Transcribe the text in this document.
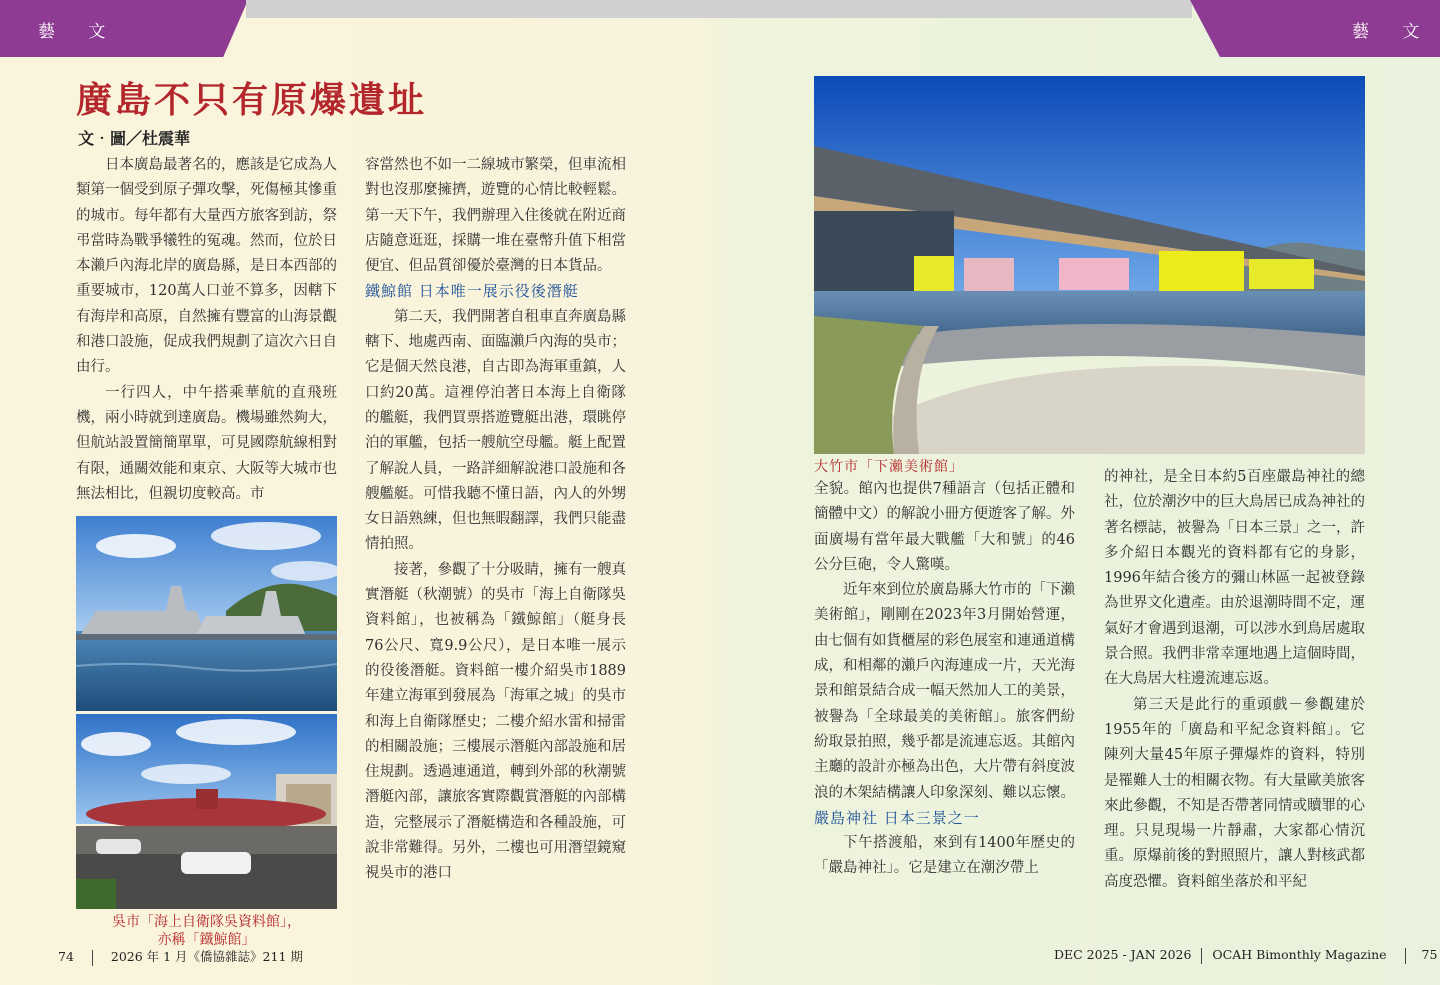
藝 文	藝 文
廣島不只有原爆遺址
文‧圖／杜震華

日本廣島最著名的，應該是它成為人類第一個受到原子彈攻擊，死傷極其慘重的城市。每年都有大量西方旅客到訪，祭弔當時為戰爭犧牲的冤魂。然而，位於日本瀨戶內海北岸的廣島縣，是日本西部的重要城市，120萬人口並不算多，因轄下有海岸和高原，自然擁有豐富的山海景觀和港口設施，促成我們規劃了這次六日自由行。

一行四人，中午搭乘華航的直飛班機，兩小時就到達廣島。機場雖然夠大，但航站設置簡簡單單，可見國際航線相對有限，通關效能和東京、大阪等大城市也無法相比，但親切度較高。市

吳市「海上自衛隊吳資料館」，
亦稱「鐵鯨館」

容當然也不如一二線城市繁榮，但車流相對也沒那麼擁擠，遊覽的心情比較輕鬆。第一天下午，我們辦理入住後就在附近商店隨意逛逛，採購一堆在臺幣升值下相當便宜、但品質卻優於臺灣的日本貨品。

鐵鯨館 日本唯一展示役後潛艇

第二天，我們開著自租車直奔廣島縣轄下、地處西南、面臨瀨戶內海的吳市；它是個天然良港，自古即為海軍重鎮，人口約20萬。這裡停泊著日本海上自衛隊的艦艇，我們買票搭遊覽艇出港，環眺停泊的軍艦，包括一艘航空母艦。艇上配置了解說人員，一路詳細解說港口設施和各艘艦艇。可惜我聽不懂日語，內人的外甥女日語熟練，但也無暇翻譯，我們只能盡情拍照。

接著，參觀了十分吸睛，擁有一艘真實潛艇（秋潮號）的吳市「海上自衛隊吳資料館」，也被稱為「鐵鯨館」（艇身長76公尺、寬9.9公尺），是日本唯一展示的役後潛艇。資料館一樓介紹吳市1889年建立海軍到發展為「海軍之城」的吳市和海上自衛隊歷史；二樓介紹水雷和掃雷的相關設施；三樓展示潛艇內部設施和居住規劃。透過連通道，轉到外部的秋潮號潛艇內部，讓旅客實際觀賞潛艇的內部構造，完整展示了潛艇構造和各種設施，可說非常難得。另外，二樓也可用潛望鏡窺視吳市的港口

大竹市「下瀨美術館」

全貌。館內也提供7種語言（包括正體和簡體中文）的解說小冊方便遊客了解。外面廣場有當年最大戰艦「大和號」的46公分巨砲，令人驚嘆。

近年來到位於廣島縣大竹市的「下瀨美術館」，剛剛在2023年3月開始營運，由七個有如貨櫃屋的彩色展室和連通道構成，和相鄰的瀨戶內海連成一片，天光海景和館景結合成一幅天然加人工的美景，被譽為「全球最美的美術館」。旅客們紛紛取景拍照，幾乎都是流連忘返。其館內主廳的設計亦極為出色，大片帶有斜度波浪的木架結構讓人印象深刻、難以忘懷。

嚴島神社 日本三景之一

下午搭渡船，來到有1400年歷史的「嚴島神社」。它是建立在潮汐帶上

的神社，是全日本約5百座嚴島神社的總社，位於潮汐中的巨大鳥居已成為神社的著名標誌，被譽為「日本三景」之一，許多介紹日本觀光的資料都有它的身影，1996年結合後方的彌山林區一起被登錄為世界文化遺產。由於退潮時間不定，運氣好才會遇到退潮，可以涉水到鳥居處取景合照。我們非常幸運地遇上這個時間，在大鳥居大柱邊流連忘返。

第三天是此行的重頭戲－參觀建於1955年的「廣島和平紀念資料館」。它陳列大量45年原子彈爆炸的資料，特別是罹難人士的相關衣物。有大量歐美旅客來此參觀，不知是否帶著同情或贖罪的心理。只見現場一片靜肅，大家都心情沉重。原爆前後的對照照片，讓人對核武都高度恐懼。資料館坐落於和平紀

74	2026 年 1 月《僑協雜誌》211 期	DEC 2025 - JAN 2026 OCAH Bimonthly Magazine	75
